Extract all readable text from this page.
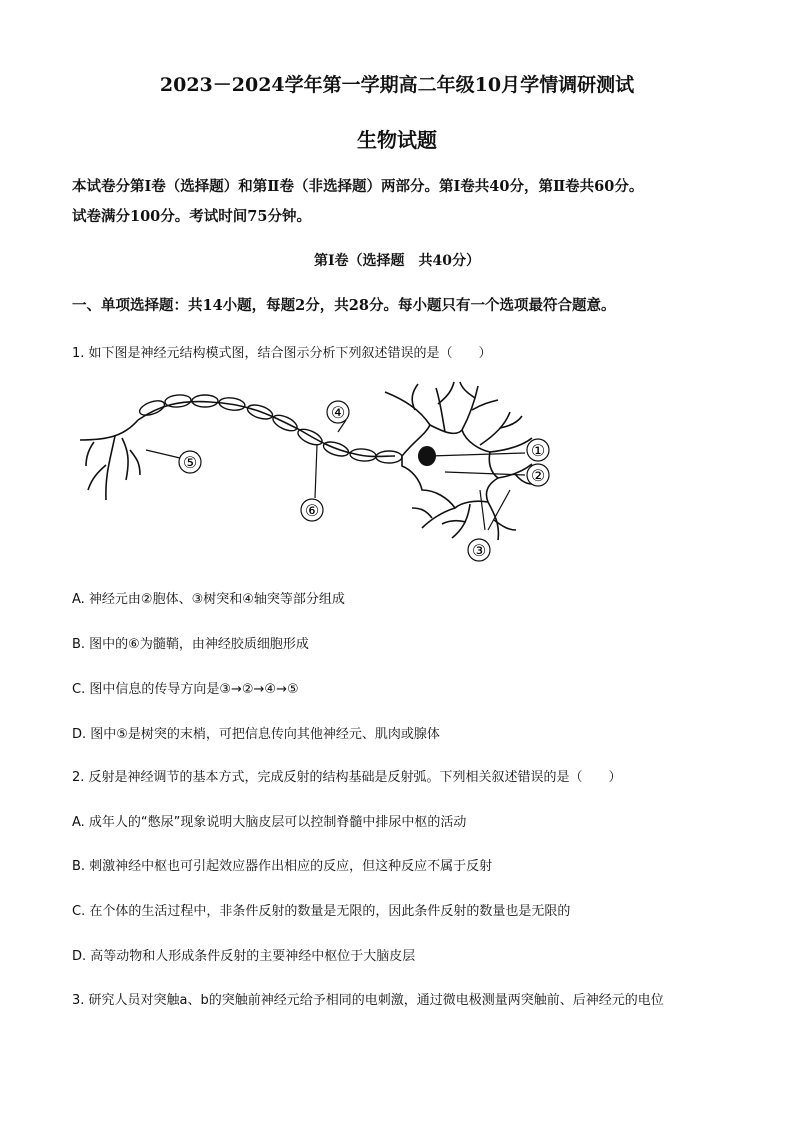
2023－2024学年第一学期高二年级10月学情调研测试
生物试题
本试卷分第Ⅰ卷（选择题）和第Ⅱ卷（非选择题）两部分。第Ⅰ卷共40分，第Ⅱ卷共60分。
试卷满分100分。考试时间75分钟。
第Ⅰ卷（选择题　共40分）
一、单项选择题：共14小题，每题2分，共28分。每小题只有一个选项最符合题意。
1. 如下图是神经元结构模式图，结合图示分析下列叙述错误的是（　　）
①
②
③
④
⑤
⑥
A. 神经元由②胞体、③树突和④轴突等部分组成
B. 图中的⑥为髓鞘，由神经胶质细胞形成
C. 图中信息的传导方向是③→②→④→⑤
D. 图中⑤是树突的末梢，可把信息传向其他神经元、肌肉或腺体
2. 反射是神经调节的基本方式，完成反射的结构基础是反射弧。下列相关叙述错误的是（　　）
A. 成年人的“憋尿”现象说明大脑皮层可以控制脊髓中排尿中枢的活动
B. 刺激神经中枢也可引起效应器作出相应的反应，但这种反应不属于反射
C. 在个体的生活过程中，非条件反射的数量是无限的，因此条件反射的数量也是无限的
D. 高等动物和人形成条件反射的主要神经中枢位于大脑皮层
3. 研究人员对突触a、b的突触前神经元给予相同的电刺激，通过微电极测量两突触前、后神经元的电位
